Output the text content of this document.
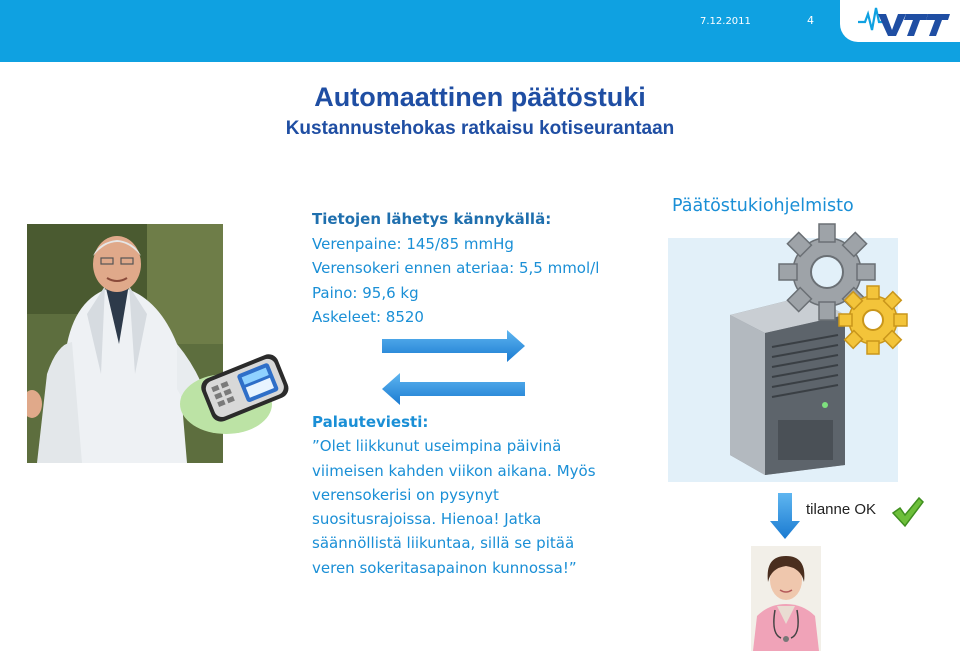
7.12.2011	4
Automaattinen päätöstuki
Kustannustehokas ratkaisu kotiseurantaan
Tietojen lähetys kännykällä:
Verenpaine: 145/85 mmHg
Verensokeri ennen ateriaa: 5,5 mmol/l
Paino: 95,6 kg
Askeleet: 8520
Palauteviesti:
”Olet liikkunut useimpina päivinä
viimeisen kahden viikon aikana. Myös
verensokerisi on pysynyt
suositusrajoissa. Hienoa! Jatka
säännöllistä liikuntaa, sillä se pitää
veren sokeritasapainon kunnossa!”
Päätöstukiohjelmisto
tilanne OK
